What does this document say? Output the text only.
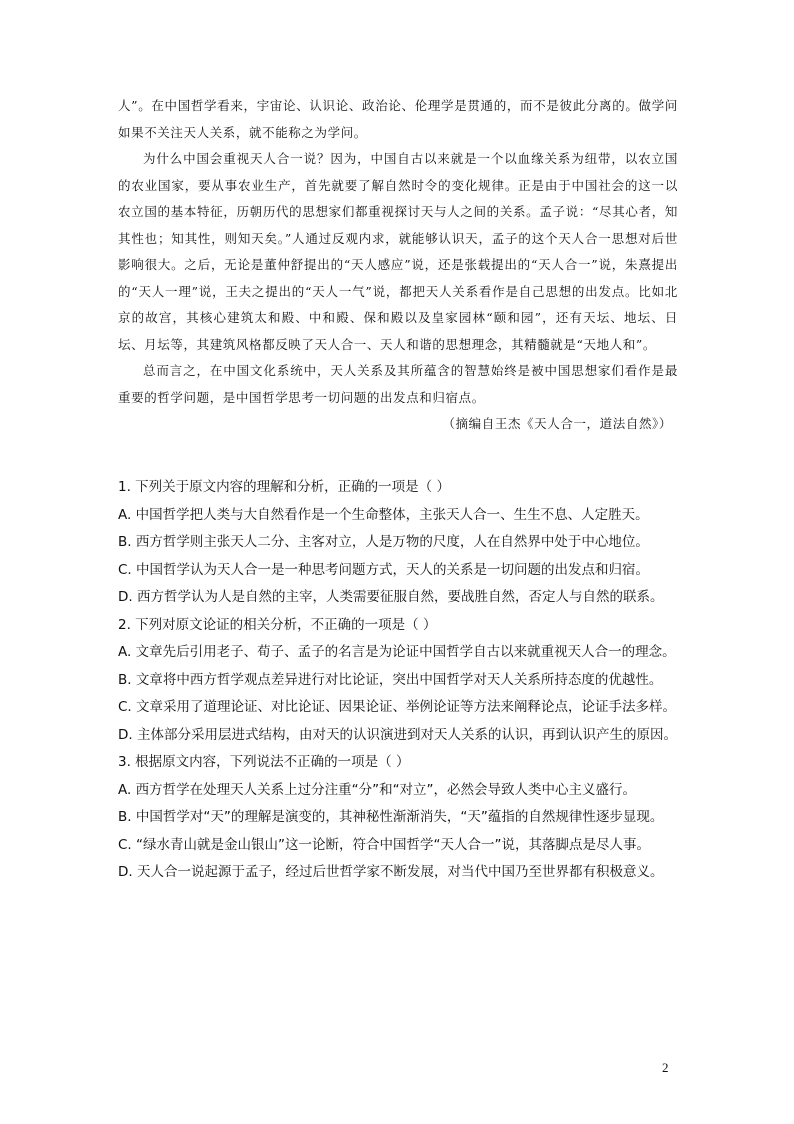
人”。在中国哲学看来，宇宙论、认识论、政治论、伦理学是贯通的，而不是彼此分离的。做学问如果不关注天人关系，就不能称之为学问。

为什么中国会重视天人合一说？因为，中国自古以来就是一个以血缘关系为纽带，以农立国的农业国家，要从事农业生产，首先就要了解自然时令的变化规律。正是由于中国社会的这一以农立国的基本特征，历朝历代的思想家们都重视探讨天与人之间的关系。孟子说：“尽其心者，知其性也；知其性，则知天矣。”人通过反观内求，就能够认识天，孟子的这个天人合一思想对后世影响很大。之后，无论是董仲舒提出的“天人感应”说，还是张载提出的“天人合一”说，朱熹提出的“天人一理”说，王夫之提出的“天人一气”说，都把天人关系看作是自己思想的出发点。比如北京的故宫，其核心建筑太和殿、中和殿、保和殿以及皇家园林“颐和园”，还有天坛、地坛、日坛、月坛等，其建筑风格都反映了天人合一、天人和谐的思想理念，其精髓就是“天地人和”。

总而言之，在中国文化系统中，天人关系及其所蕴含的智慧始终是被中国思想家们看作是最重要的哲学问题，是中国哲学思考一切问题的出发点和归宿点。

（摘编自王杰《天人合一，道法自然》）

1. 下列关于原文内容的理解和分析，正确的一项是（ ）

A. 中国哲学把人类与大自然看作是一个生命整体，主张天人合一、生生不息、人定胜天。

B. 西方哲学则主张天人二分、主客对立，人是万物的尺度，人在自然界中处于中心地位。

C. 中国哲学认为天人合一是一种思考问题方式，天人的关系是一切问题的出发点和归宿。

D. 西方哲学认为人是自然的主宰，人类需要征服自然，要战胜自然，否定人与自然的联系。

2. 下列对原文论证的相关分析，不正确的一项是（ ）

A. 文章先后引用老子、荀子、孟子的名言是为论证中国哲学自古以来就重视天人合一的理念。

B. 文章将中西方哲学观点差异进行对比论证，突出中国哲学对天人关系所持态度的优越性。

C. 文章采用了道理论证、对比论证、因果论证、举例论证等方法来阐释论点，论证手法多样。

D. 主体部分采用层进式结构，由对天的认识演进到对天人关系的认识，再到认识产生的原因。

3. 根据原文内容，下列说法不正确的一项是（ ）

A. 西方哲学在处理天人关系上过分注重“分”和“对立”，必然会导致人类中心主义盛行。

B. 中国哲学对“天”的理解是演变的，其神秘性渐渐消失，“天”蕴指的自然规律性逐步显现。

C. “绿水青山就是金山银山”这一论断，符合中国哲学“天人合一”说，其落脚点是尽人事。

D. 天人合一说起源于孟子，经过后世哲学家不断发展，对当代中国乃至世界都有积极意义。

2
